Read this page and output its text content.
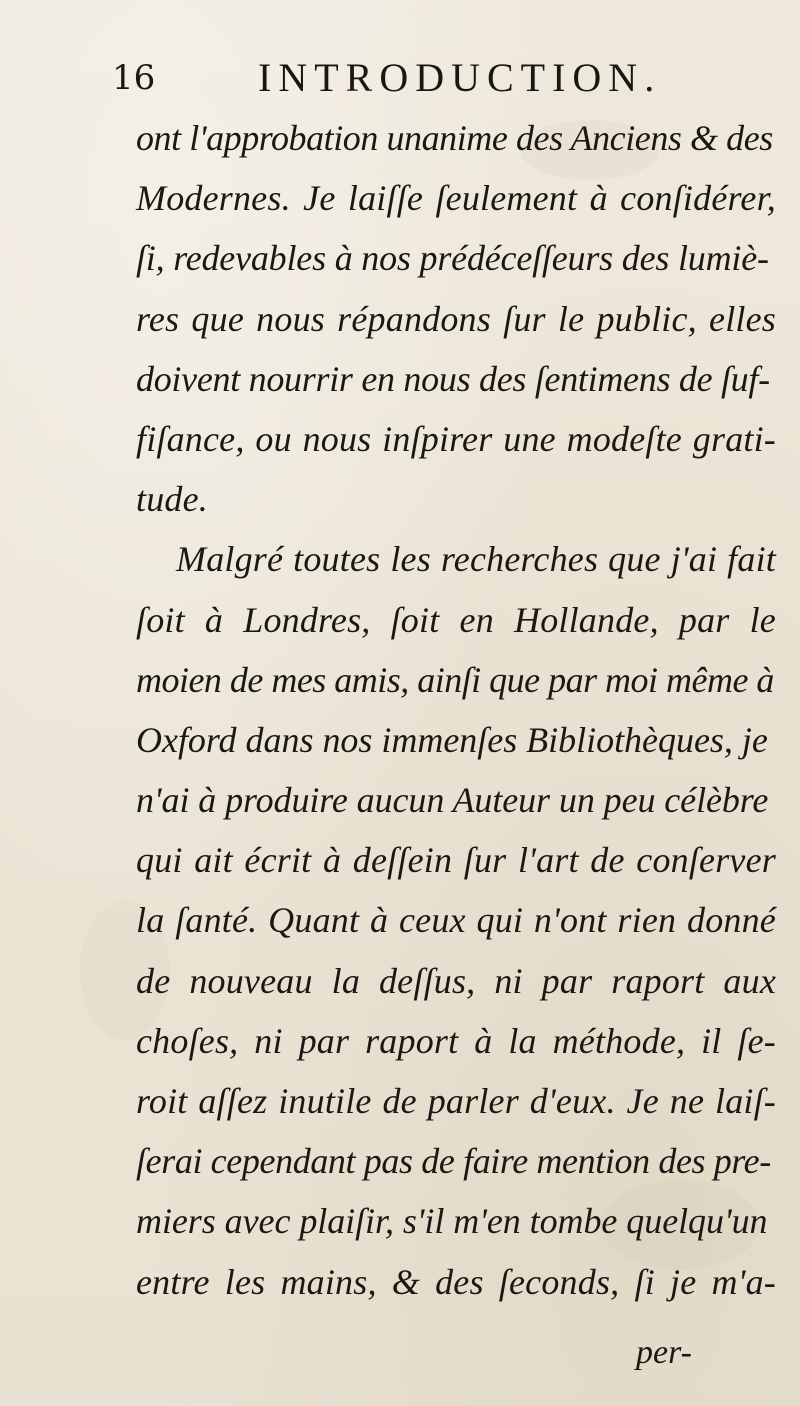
16	INTRODUCTION.
ont l'approbation unanime des Anciens & des
Modernes. Je laiſſe ſeulement à conſidérer,
ſi, redevables à nos prédéceſſeurs des lumiè-
res que nous répandons ſur le public, elles
doivent nourrir en nous des ſentimens de ſuf-
fiſance, ou nous inſpirer une modeſte grati-
tude.
Malgré toutes les recherches que j'ai fait
ſoit à Londres, ſoit en Hollande, par le
moien de mes amis, ainſi que par moi même à
Oxford dans nos immenſes Bibliothèques, je
n'ai à produire aucun Auteur un peu célèbre
qui ait écrit à deſſein ſur l'art de conſerver
la ſanté. Quant à ceux qui n'ont rien donné
de nouveau la deſſus, ni par raport aux
choſes, ni par raport à la méthode, il ſe-
roit aſſez inutile de parler d'eux. Je ne laiſ-
ſerai cependant pas de faire mention des pre-
miers avec plaiſir, s'il m'en tombe quelqu'un
entre les mains, & des ſeconds, ſi je m'a-
per-
